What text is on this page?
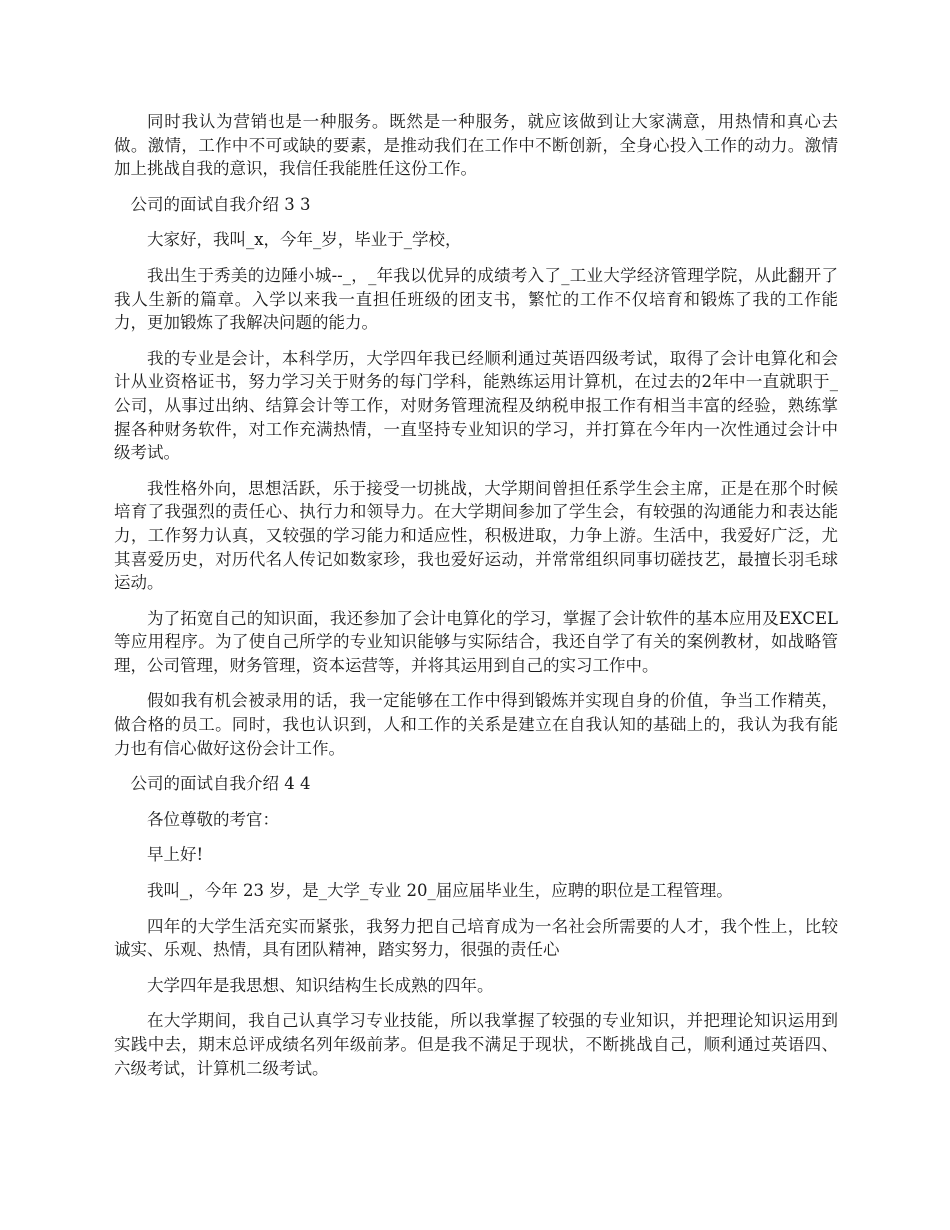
同时我认为营销也是一种服务。既然是一种服务，就应该做到让大家满意，用热情和真心去做。激情，工作中不可或缺的要素，是推动我们在工作中不断创新，全身心投入工作的动力。激情加上挑战自我的意识，我信任我能胜任这份工作。

公司的面试自我介绍 3 3

大家好，我叫_x，今年_岁，毕业于_学校，

我出生于秀美的边陲小城--_，_年我以优异的成绩考入了_工业大学经济管理学院，从此翻开了我人生新的篇章。入学以来我一直担任班级的团支书，繁忙的工作不仅培育和锻炼了我的工作能力，更加锻炼了我解决问题的能力。

我的专业是会计，本科学历，大学四年我已经顺利通过英语四级考试，取得了会计电算化和会计从业资格证书，努力学习关于财务的每门学科，能熟练运用计算机，在过去的2年中一直就职于_公司，从事过出纳、结算会计等工作，对财务管理流程及纳税申报工作有相当丰富的经验，熟练掌握各种财务软件，对工作充满热情，一直坚持专业知识的学习，并打算在今年内一次性通过会计中级考试。

我性格外向，思想活跃，乐于接受一切挑战，大学期间曾担任系学生会主席，正是在那个时候培育了我强烈的责任心、执行力和领导力。在大学期间参加了学生会，有较强的沟通能力和表达能力，工作努力认真，又较强的学习能力和适应性，积极进取，力争上游。生活中，我爱好广泛，尤其喜爱历史，对历代名人传记如数家珍，我也爱好运动，并常常组织同事切磋技艺，最擅长羽毛球运动。

为了拓宽自己的知识面，我还参加了会计电算化的学习，掌握了会计软件的基本应用及EXCEL等应用程序。为了使自己所学的专业知识能够与实际结合，我还自学了有关的案例教材，如战略管理，公司管理，财务管理，资本运营等，并将其运用到自己的实习工作中。

假如我有机会被录用的话，我一定能够在工作中得到锻炼并实现自身的价值，争当工作精英，做合格的员工。同时，我也认识到，人和工作的关系是建立在自我认知的基础上的，我认为我有能力也有信心做好这份会计工作。

公司的面试自我介绍 4 4

各位尊敬的考官：

早上好!

我叫_，今年 23 岁，是_大学_专业 20_届应届毕业生，应聘的职位是工程管理。

四年的大学生活充实而紧张，我努力把自己培育成为一名社会所需要的人才，我个性上，比较诚实、乐观、热情，具有团队精神，踏实努力，很强的责任心

大学四年是我思想、知识结构生长成熟的四年。

在大学期间，我自己认真学习专业技能，所以我掌握了较强的专业知识，并把理论知识运用到实践中去，期末总评成绩名列年级前茅。但是我不满足于现状，不断挑战自己，顺利通过英语四、六级考试，计算机二级考试。
